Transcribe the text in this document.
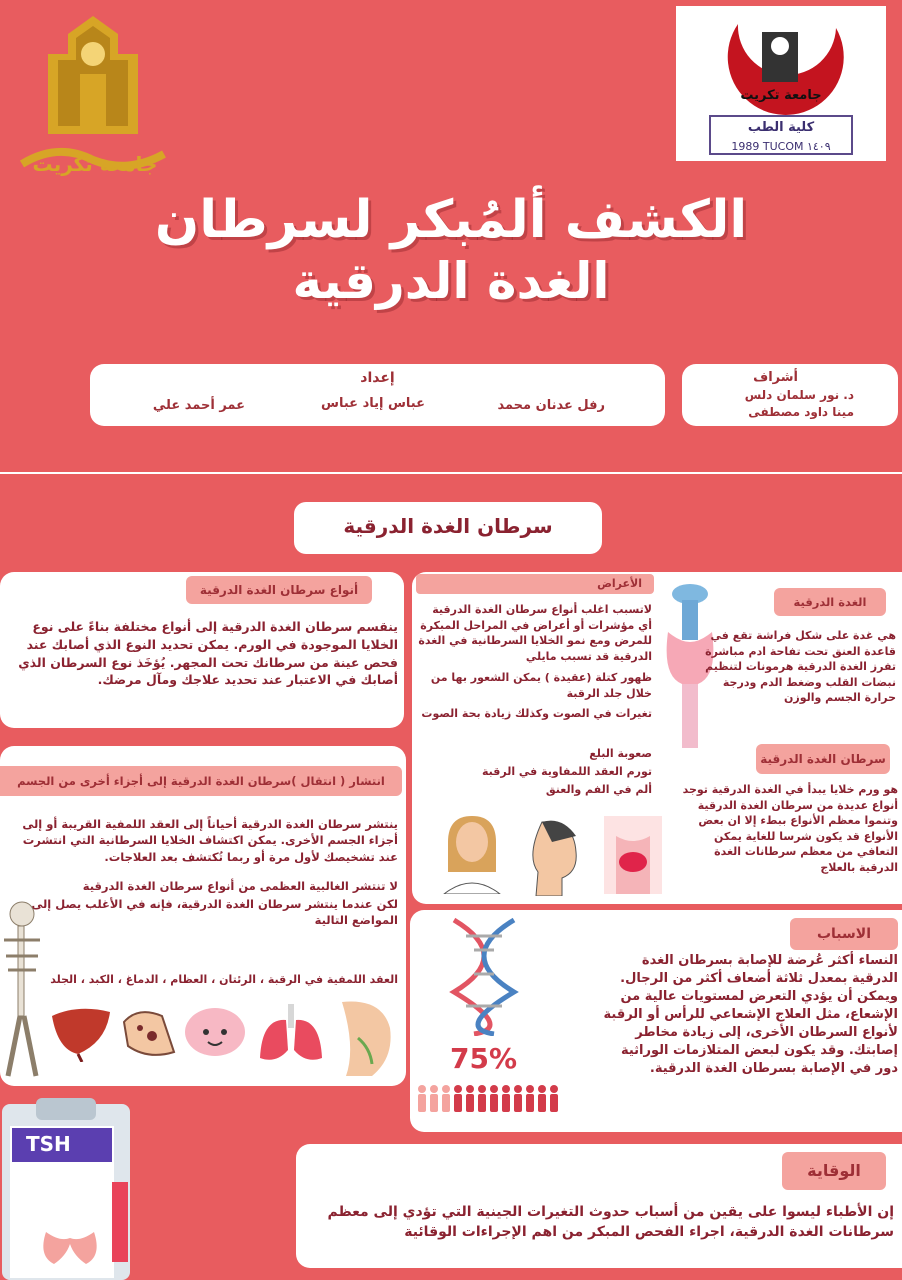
جامعة تكريت
جامعة تكريت
كلية الطب
1989 TUCOM ١٤٠٩
الكشف ألمُبكر لسرطان
الغدة الدرقية
إعداد
رفل عدنان محمد
عباس إياد عباس
عمر أحمد علي
أشراف
د. نور سلمان دلس
مينا داود مصطفى
سرطان الغدة الدرقية
أنواع سرطان الغدة الدرقية
ينقسم سرطان الغدة الدرقية إلى أنواع مختلفة بناءً على نوع الخلايا الموجودة في الورم. يمكن تحديد النوع الذي أصابك عند فحص عينة من سرطانك تحت المجهر. يُؤخَذ نوع السرطان الذي أصابك في الاعتبار عند تحديد علاجك ومآل مرضك.
انتشار ( انتقال )سرطان الغدة الدرقية إلى أجزاء أخرى من الجسم
ينتشر سرطان الغدة الدرقية أحياناً إلى العقد اللمفية القريبة أو إلى أجزاء الجسم الأخرى. يمكن اكتشاف الخلايا السرطانية التي انتشرت عند تشخيصك لأول مرة أو ربما تُكتشف بعد العلاجات.
لا تنتشر الغالبية العظمى من أنواع سرطان الغدة الدرقية
لكن عندما ينتشر سرطان الغدة الدرقية، فإنه في الأغلب يصل إلى المواضع التالية
العقد اللمفية في الرقبة ، الرئتان ، العظام ، الدماغ ، الكبد ، الجلد
الأعراض
لاتسبب اغلب أنواع سرطان الغدة الدرقية أي مؤشرات أو أعراض في المراحل المبكرة للمرض ومع نمو الخلايا السرطانية في الغدة الدرقية قد تسبب مايلي
ظهور كتلة (عقيدة ) يمكن الشعور بها من خلال جلد الرقبة
تغيرات في الصوت وكذلك زيادة بحة الصوت
صعوبة البلع
تورم العقد اللمفاوية في الرقبة
ألم في الفم والعنق
الغدة الدرقية
هي غدة على شكل فراشة تقع في قاعدة العنق تحت تفاحة ادم مباشرة تفرز الغدة الدرقية هرمونات لتنظيم نبضات القلب وضغط الدم ودرجة حرارة الجسم والوزن
سرطان الغدة الدرقية
هو ورم خلايا يبدأ في الغدة الدرقية توجد أنواع عديدة من سرطان الغدة الدرقية وتنموا معظم الأنواع ببطء إلا ان بعض الأنواع قد يكون شرسا للغاية يمكن التعافي من معظم سرطانات الغدة الدرقية بالعلاج
الاسباب
النساء أكثر عُرضة للإصابة بسرطان الغدة الدرقية بمعدل ثلاثة أضعاف أكثر من الرجال. ويمكن أن يؤدي التعرض لمستويات عالية من الإشعاع، مثل العلاج الإشعاعي للرأس أو الرقبة لأنواع السرطان الأخرى، إلى زيادة مخاطر إصابتك. وقد يكون لبعض المتلازمات الوراثية دور في الإصابة بسرطان الغدة الدرقية.
75%
TSH
الوقاية
إن الأطباء ليسوا على يقين من أسباب حدوث التغيرات الجينية التي تؤدي إلى معظم سرطانات الغدة الدرقية، اجراء الفحص المبكر من اهم الإجراءات الوقائية
